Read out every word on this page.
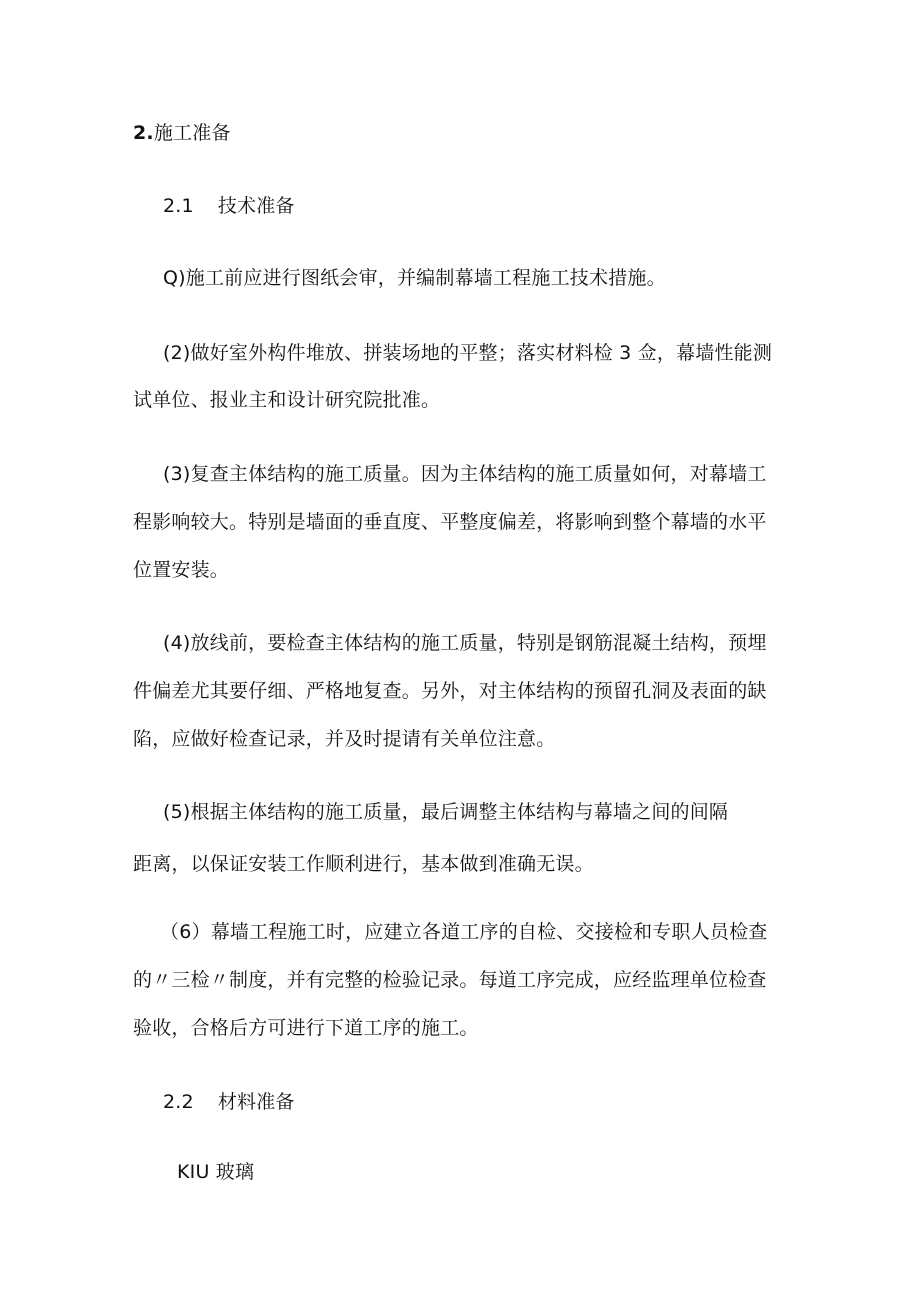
2.施工准备
2.1 技术准备
Q)施工前应进行图纸会审，并编制幕墙工程施工技术措施。
(2)做好室外构件堆放、拼装场地的平整；落实材料检 3 佥，幕墙性能测
试单位、报业主和设计研究院批准。
(3)复查主体结构的施工质量。因为主体结构的施工质量如何，对幕墙工
程影响较大。特别是墙面的垂直度、平整度偏差，将影响到整个幕墙的水平
位置安装。
(4)放线前，要检查主体结构的施工质量，特别是钢筋混凝土结构，预埋
件偏差尤其要仔细、严格地复查。另外，对主体结构的预留孔洞及表面的缺
陷，应做好检查记录，并及时提请有关单位注意。
(5)根据主体结构的施工质量，最后调整主体结构与幕墙之间的间隔
距离，以保证安装工作顺利进行，基本做到准确无误。
（6）幕墙工程施工时，应建立各道工序的自检、交接检和专职人员检查
的〃三检〃制度，并有完整的检验记录。每道工序完成，应经监理单位检查
验收，合格后方可进行下道工序的施工。
2.2 材料准备
KIU 玻璃
